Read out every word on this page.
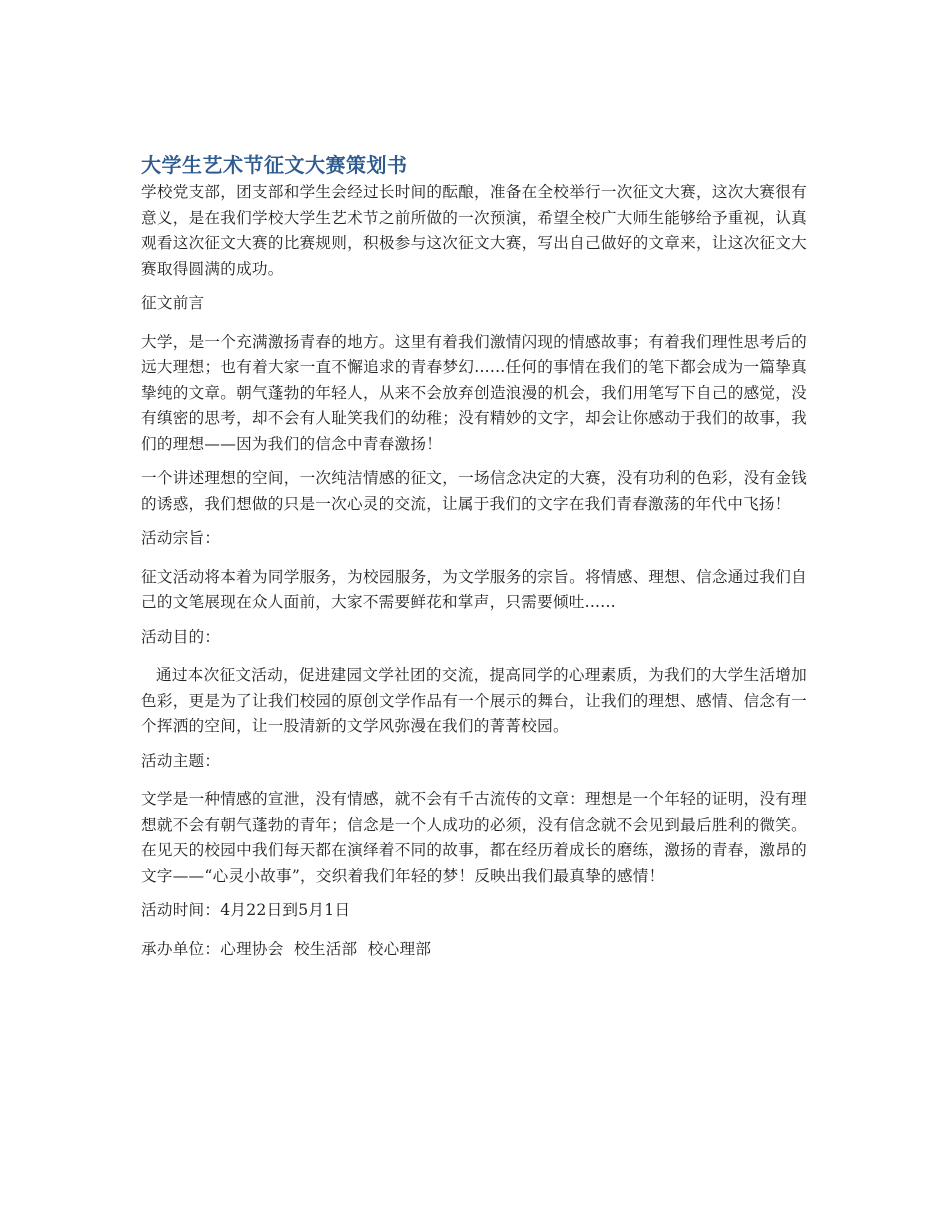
大学生艺术节征文大赛策划书

学校党支部，团支部和学生会经过长时间的酝酿，准备在全校举行一次征文大赛，这次大赛很有意义，是在我们学校大学生艺术节之前所做的一次预演，希望全校广大师生能够给予重视，认真观看这次征文大赛的比赛规则，积极参与这次征文大赛，写出自己做好的文章来，让这次征文大赛取得圆满的成功。

征文前言

大学，是一个充满激扬青春的地方。这里有着我们激情闪现的情感故事；有着我们理性思考后的远大理想；也有着大家一直不懈追求的青春梦幻......任何的事情在我们的笔下都会成为一篇挚真挚纯的文章。朝气蓬勃的年轻人，从来不会放弃创造浪漫的机会，我们用笔写下自己的感觉，没有缜密的思考，却不会有人耻笑我们的幼稚；没有精妙的文字，却会让你感动于我们的故事，我们的理想——因为我们的信念中青春激扬！

一个讲述理想的空间，一次纯洁情感的征文，一场信念决定的大赛，没有功利的色彩，没有金钱的诱惑，我们想做的只是一次心灵的交流，让属于我们的文字在我们青春激荡的年代中飞扬！

活动宗旨：

征文活动将本着为同学服务，为校园服务，为文学服务的宗旨。将情感、理想、信念通过我们自己的文笔展现在众人面前，大家不需要鲜花和掌声，只需要倾吐......

活动目的：

通过本次征文活动，促进建园文学社团的交流，提高同学的心理素质，为我们的大学生活增加色彩，更是为了让我们校园的原创文学作品有一个展示的舞台，让我们的理想、感情、信念有一个挥洒的空间，让一股清新的文学风弥漫在我们的菁菁校园。

活动主题：

文学是一种情感的宣泄，没有情感，就不会有千古流传的文章：理想是一个年轻的证明，没有理想就不会有朝气蓬勃的青年；信念是一个人成功的必须，没有信念就不会见到最后胜利的微笑。在见天的校园中我们每天都在演绎着不同的故事，都在经历着成长的磨练，激扬的青春，激昂的文字——“心灵小故事”，交织着我们年轻的梦！反映出我们最真挚的感情！

活动时间：4月22日到5月1日

承办单位：心理协会  校生活部  校心理部
